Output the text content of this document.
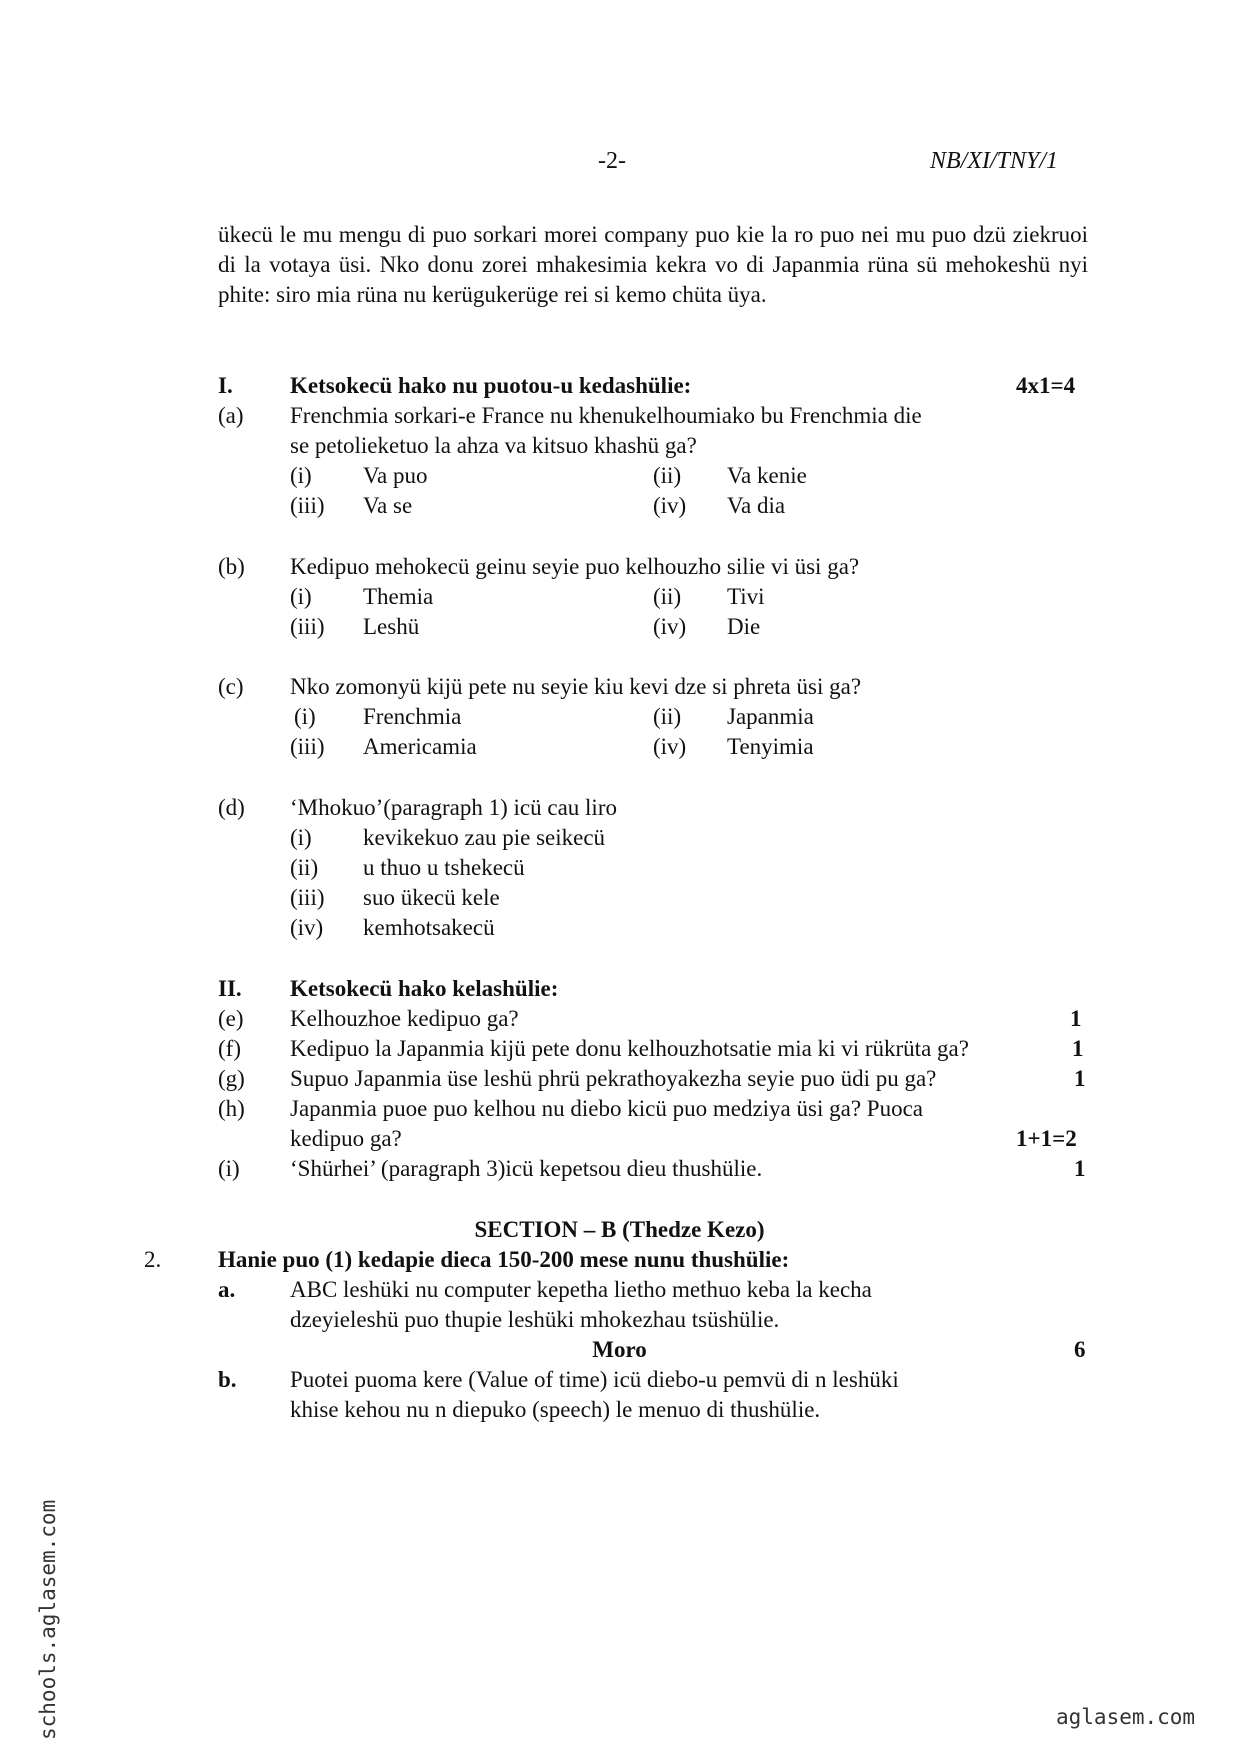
-2-	NB/XI/TNY/1
ükecü le mu mengu di puo sorkari morei company puo kie la ro puo nei mu puo dzü ziekruoi di la votaya üsi. Nko donu zorei mhakesimia kekra vo di Japanmia rüna sü mehokeshü nyi phite: siro mia rüna nu kerügukerüge rei si kemo chüta üya.
I. Ketsokecü hako nu puotou-u kedashülie:	4x1=4
(a) Frenchmia sorkari-e France nu khenukelhoumiako bu Frenchmia die
se petolieketuo la ahza va kitsuo khashü ga?
(i) Va puo	(ii) Va kenie
(iii) Va se	(iv) Va dia
(b) Kedipuo mehokecü geinu seyie puo kelhouzho silie vi üsi ga?
(i) Themia	(ii) Tivi
(iii) Leshü	(iv) Die
(c) Nko zomonyü kijü pete nu seyie kiu kevi dze si phreta üsi ga?
(i) Frenchmia	(ii) Japanmia
(iii) Americamia	(iv) Tenyimia
(d) ‘Mhokuo’(paragraph 1) icü cau liro
(i) kevikekuo zau pie seikecü
(ii) u thuo u tshekecü
(iii) suo ükecü kele
(iv) kemhotsakecü
II. Ketsokecü hako kelashülie:
(e) Kelhouzhoe kedipuo ga?	1
(f) Kedipuo la Japanmia kijü pete donu kelhouzhotsatie mia ki vi rükrüta ga?	1
(g) Supuo Japanmia üse leshü phrü pekrathoyakezha seyie puo üdi pu ga?	1
(h) Japanmia puoe puo kelhou nu diebo kicü puo medziya üsi ga? Puoca
kedipuo ga?	1+1=2
(i) ‘Shürhei’ (paragraph 3)icü kepetsou dieu thushülie.	1
SECTION – B (Thedze Kezo)
2. Hanie puo (1) kedapie dieca 150-200 mese nunu thushülie:
a. ABC leshüki nu computer kepetha lietho methuo keba la kecha
dzeyieleshü puo thupie leshüki mhokezhau tsüshülie.
Moro	6
b. Puotei puoma kere (Value of time) icü diebo-u pemvü di n leshüki
khise kehou nu n diepuko (speech) le menuo di thushülie.
schools.aglasem.com	aglasem.com
